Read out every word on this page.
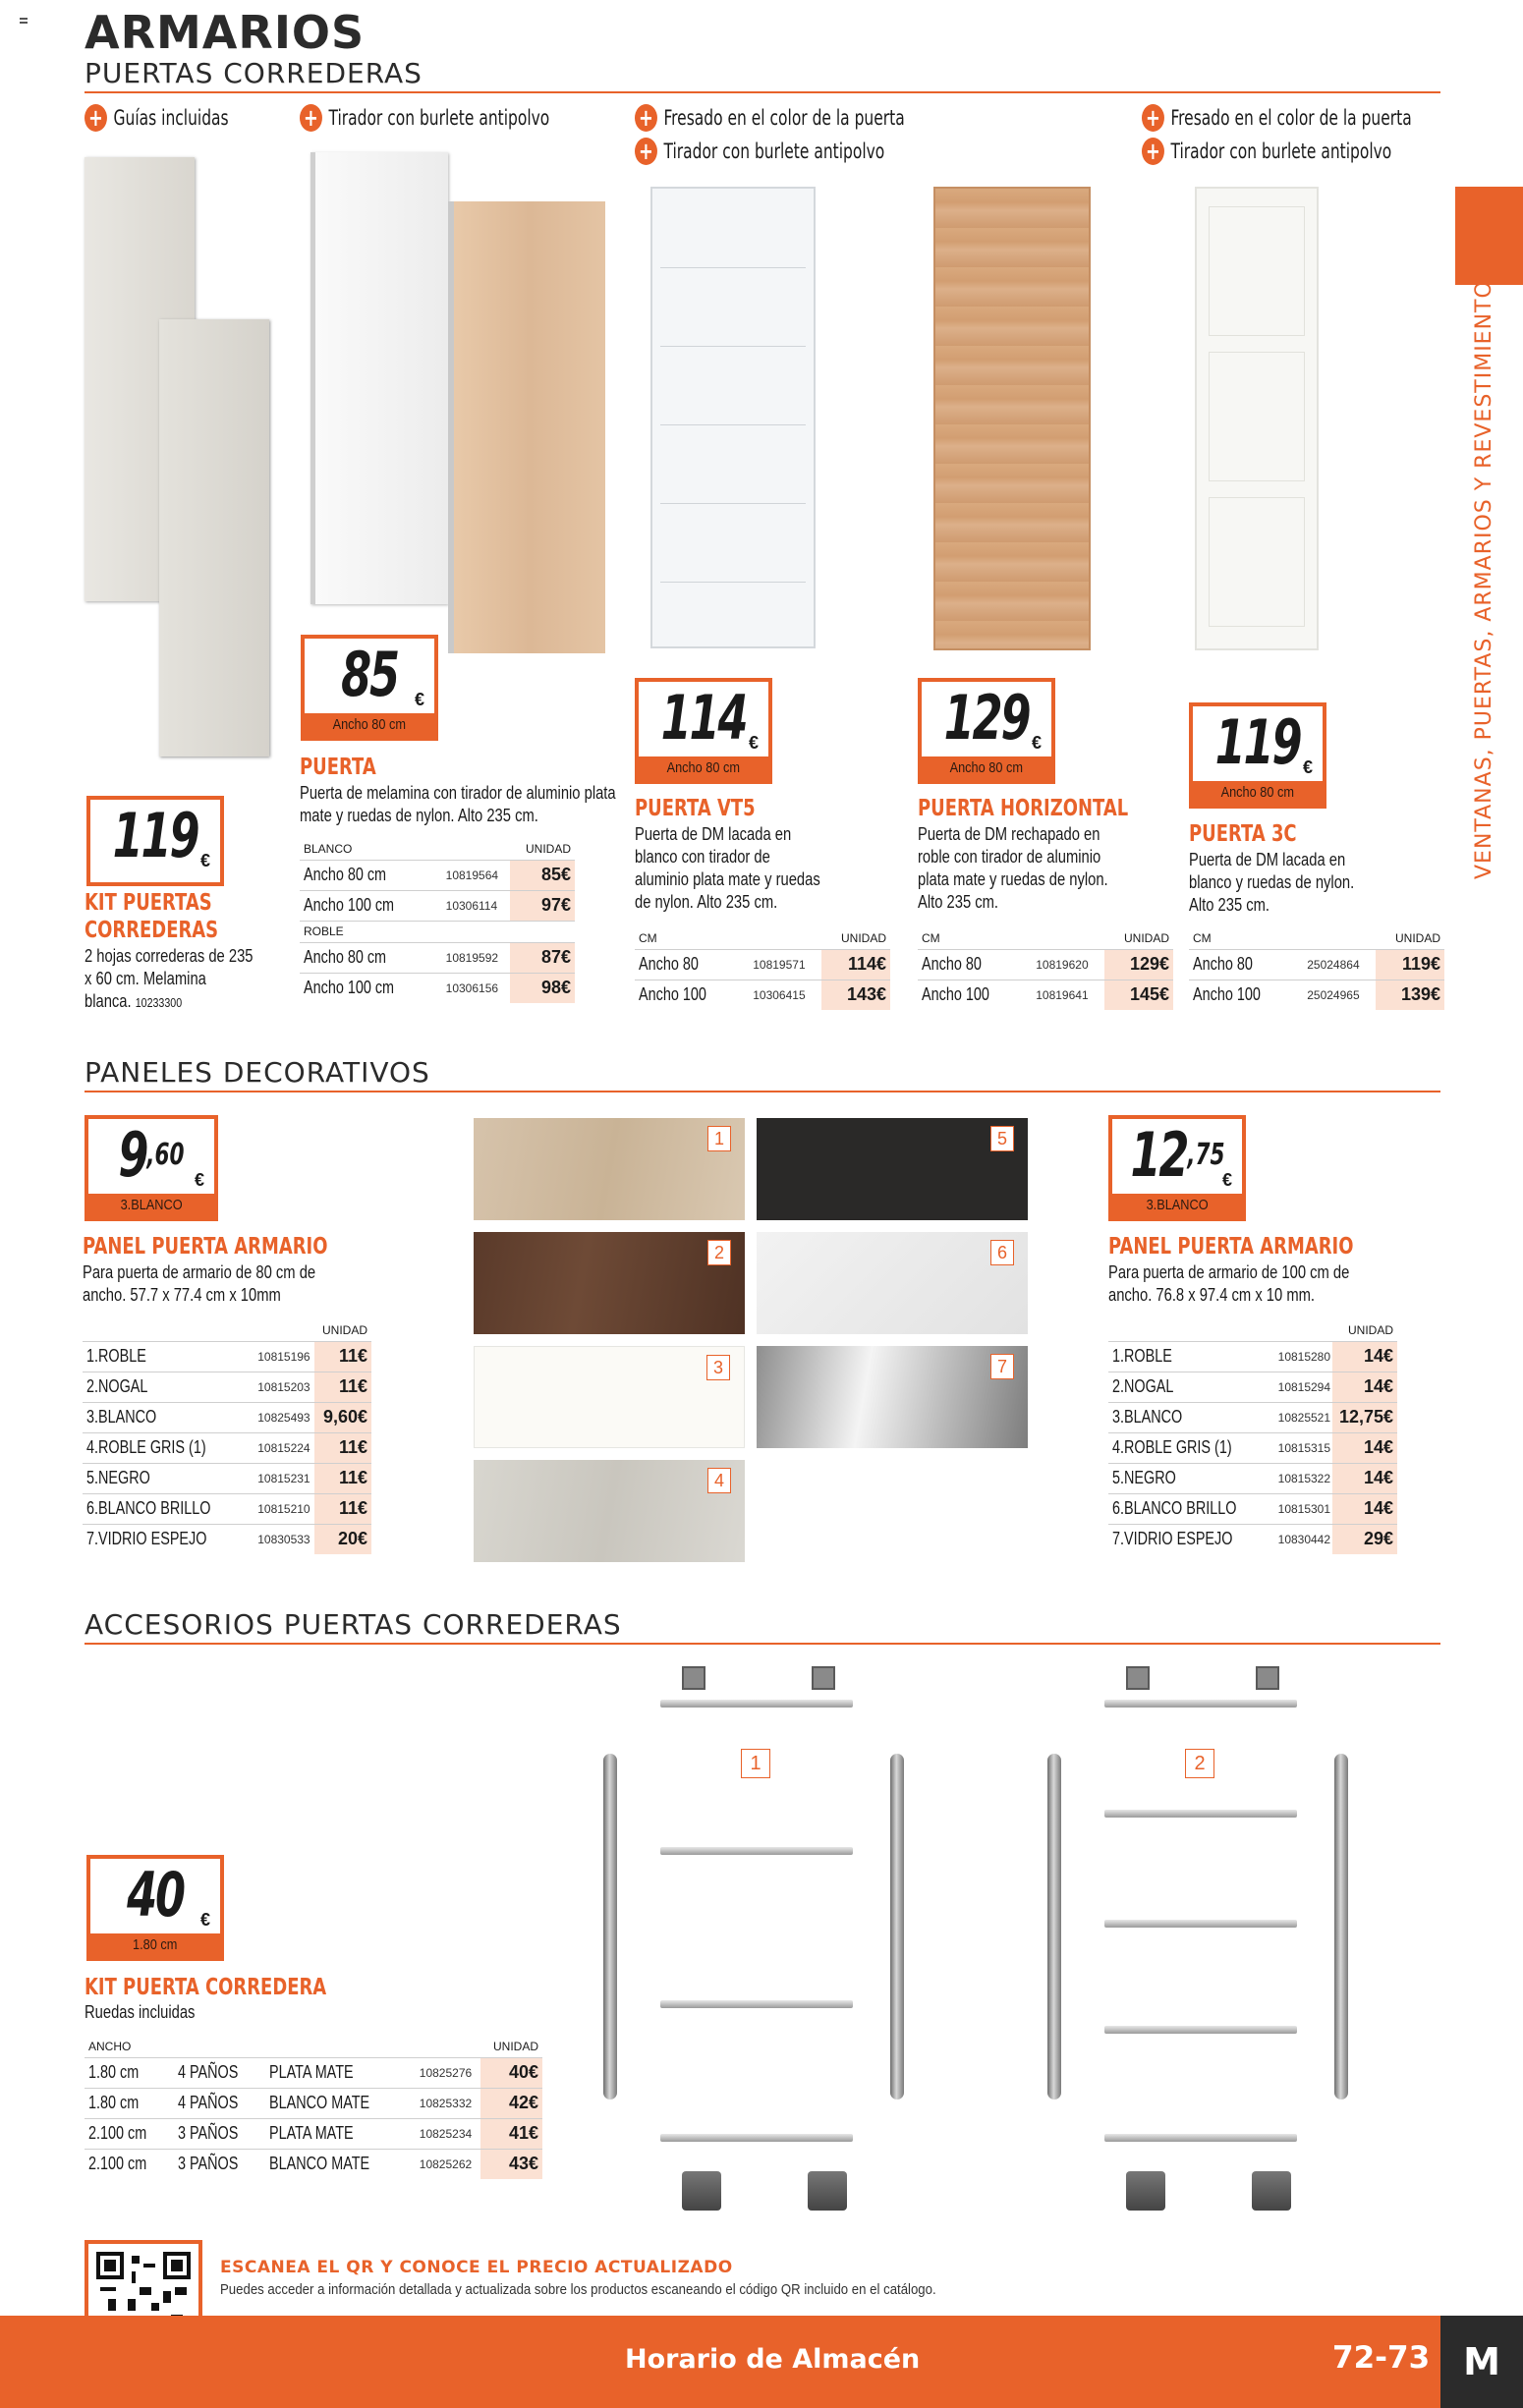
ARMARIOS
PUERTAS CORREDERAS
VENTANAS, PUERTAS, ARMARIOS Y REVESTIMIENTOS
+ Guías incluidas	+ Tirador con burlete antipolvo	+ Fresado en el color de la puerta
+ Tirador con burlete antipolvo
+ Fresado en el color de la puerta
+ Tirador con burlete antipolvo
119 €
KIT PUERTAS CORREDERAS
2 hojas correderas de 235 x 60 cm. Melamina blanca. 10233300
85 €
Ancho 80 cm
PUERTA
Puerta de melamina con tirador de aluminio plata mate y ruedas de nylon. Alto 235 cm.
BLANCO		UNIDAD
Ancho 80 cm	10819564	85€
Ancho 100 cm	10306114	97€
ROBLE		
Ancho 80 cm	10819592	87€
Ancho 100 cm	10306156	98€
114 €
Ancho 80 cm
PUERTA VT5
Puerta de DM lacada en blanco con tirador de aluminio plata mate y ruedas de nylon. Alto 235 cm.
CM		UNIDAD
Ancho 80	10819571	114€
Ancho 100	10306415	143€
129 €
Ancho 80 cm
PUERTA HORIZONTAL
Puerta de DM rechapado en roble con tirador de aluminio plata mate y ruedas de nylon. Alto 235 cm.
CM		UNIDAD
Ancho 80	10819620	129€
Ancho 100	10819641	145€
119 €
Ancho 80 cm
PUERTA 3C
Puerta de DM lacada en blanco y ruedas de nylon. Alto 235 cm.
CM		UNIDAD
Ancho 80	25024864	119€
Ancho 100	25024965	139€
PANELES DECORATIVOS
$9^{,60}$
€
3.BLANCO
PANEL PUERTA ARMARIO
Para puerta de armario de 80 cm de ancho. 57.7 x 77.4 cm x 10mm
		UNIDAD
1.ROBLE	10815196	11€
2.NOGAL	10815203	11€
3.BLANCO	10825493	9,60€
4.ROBLE GRIS (1)	10815224	11€
5.NEGRO	10815231	11€
6.BLANCO BRILLO	10815210	11€
7.VIDRIO ESPEJO	10830533	20€
1
2
3
4
5
6
7
$12^{,75}$
€
3.BLANCO
PANEL PUERTA ARMARIO
Para puerta de armario de 100 cm de ancho. 76.8 x 97.4 cm x 10 mm.
		UNIDAD
1.ROBLE	10815280	14€
2.NOGAL	10815294	14€
3.BLANCO	10825521	12,75€
4.ROBLE GRIS (1)	10815315	14€
5.NEGRO	10815322	14€
6.BLANCO BRILLO	10815301	14€
7.VIDRIO ESPEJO	10830442	29€
ACCESORIOS PUERTAS CORREDERAS
40 €
1.80 cm
KIT PUERTA CORREDERA
Ruedas incluidas
ANCHO				UNIDAD
1.80 cm	4 PAÑOS	PLATA MATE	10825276	40€
1.80 cm	4 PAÑOS	BLANCO MATE	10825332	42€
2.100 cm	3 PAÑOS	PLATA MATE	10825234	41€
2.100 cm	3 PAÑOS	BLANCO MATE	10825262	43€
1	2
ESCANEA EL QR Y CONOCE EL PRECIO ACTUALIZADO
Puedes acceder a información detallada y actualizada sobre los productos escaneando el código QR incluido en el catálogo.
Horario de Almacén	72-73 M
